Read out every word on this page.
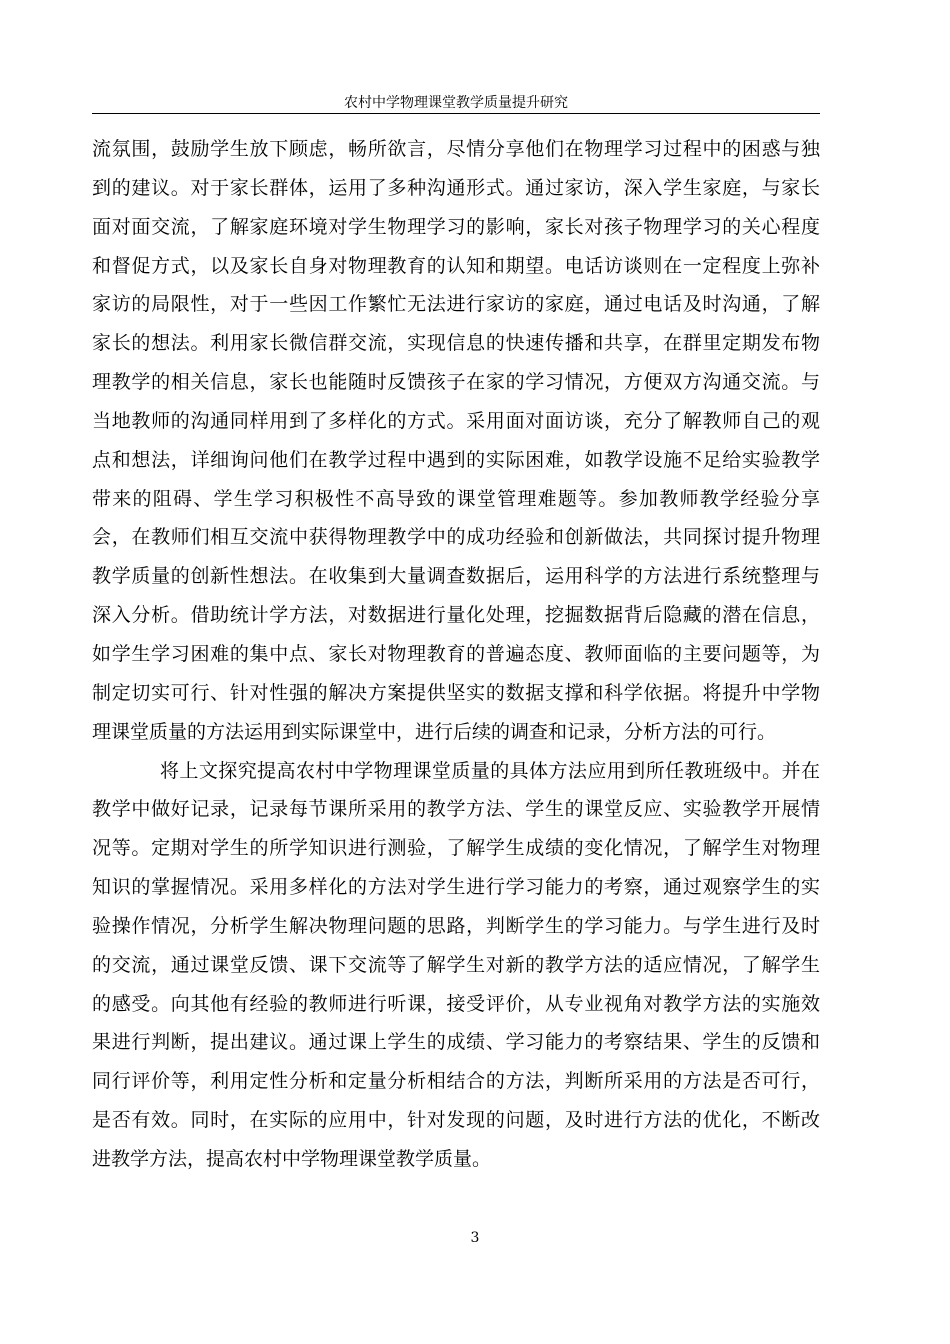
农村中学物理课堂教学质量提升研究
流氛围，鼓励学生放下顾虑，畅所欲言，尽情分享他们在物理学习过程中的困惑与独
到的建议。对于家长群体，运用了多种沟通形式。通过家访，深入学生家庭，与家长
面对面交流，了解家庭环境对学生物理学习的影响，家长对孩子物理学习的关心程度
和督促方式，以及家长自身对物理教育的认知和期望。电话访谈则在一定程度上弥补
家访的局限性，对于一些因工作繁忙无法进行家访的家庭，通过电话及时沟通，了解
家长的想法。利用家长微信群交流，实现信息的快速传播和共享，在群里定期发布物
理教学的相关信息，家长也能随时反馈孩子在家的学习情况，方便双方沟通交流。与
当地教师的沟通同样用到了多样化的方式。采用面对面访谈，充分了解教师自己的观
点和想法，详细询问他们在教学过程中遇到的实际困难，如教学设施不足给实验教学
带来的阻碍、学生学习积极性不高导致的课堂管理难题等。参加教师教学经验分享
会，在教师们相互交流中获得物理教学中的成功经验和创新做法，共同探讨提升物理
教学质量的创新性想法。在收集到大量调查数据后，运用科学的方法进行系统整理与
深入分析。借助统计学方法，对数据进行量化处理，挖掘数据背后隐藏的潜在信息，
如学生学习困难的集中点、家长对物理教育的普遍态度、教师面临的主要问题等，为
制定切实可行、针对性强的解决方案提供坚实的数据支撑和科学依据。将提升中学物
理课堂质量的方法运用到实际课堂中，进行后续的调查和记录，分析方法的可行。
将上文探究提高农村中学物理课堂质量的具体方法应用到所任教班级中。并在
教学中做好记录，记录每节课所采用的教学方法、学生的课堂反应、实验教学开展情
况等。定期对学生的所学知识进行测验，了解学生成绩的变化情况，了解学生对物理
知识的掌握情况。采用多样化的方法对学生进行学习能力的考察，通过观察学生的实
验操作情况，分析学生解决物理问题的思路，判断学生的学习能力。与学生进行及时
的交流，通过课堂反馈、课下交流等了解学生对新的教学方法的适应情况，了解学生
的感受。向其他有经验的教师进行听课，接受评价，从专业视角对教学方法的实施效
果进行判断，提出建议。通过课上学生的成绩、学习能力的考察结果、学生的反馈和
同行评价等，利用定性分析和定量分析相结合的方法，判断所采用的方法是否可行，
是否有效。同时，在实际的应用中，针对发现的问题，及时进行方法的优化，不断改
进教学方法，提高农村中学物理课堂教学质量。
3
